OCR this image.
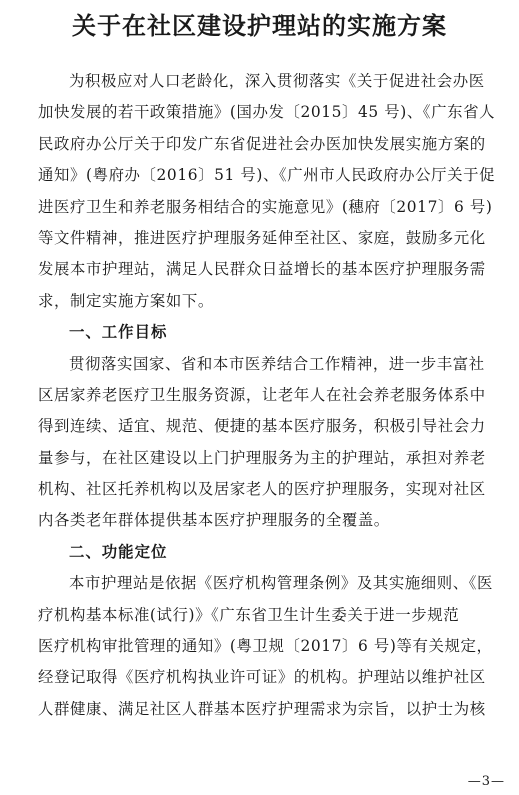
关于在社区建设护理站的实施方案
为积极应对人口老龄化，深入贯彻落实《关于促进社会办医
加快发展的若干政策措施》(国办发〔2015〕45 号)、《广东省人
民政府办公厅关于印发广东省促进社会办医加快发展实施方案的
通知》(粤府办〔2016〕51 号)、《广州市人民政府办公厅关于促
进医疗卫生和养老服务相结合的实施意见》(穗府〔2017〕6 号)
等文件精神，推进医疗护理服务延伸至社区、家庭，鼓励多元化
发展本市护理站，满足人民群众日益增长的基本医疗护理服务需
求，制定实施方案如下。
一、工作目标
贯彻落实国家、省和本市医养结合工作精神，进一步丰富社
区居家养老医疗卫生服务资源，让老年人在社会养老服务体系中
得到连续、适宜、规范、便捷的基本医疗服务，积极引导社会力
量参与，在社区建设以上门护理服务为主的护理站，承担对养老
机构、社区托养机构以及居家老人的医疗护理服务，实现对社区
内各类老年群体提供基本医疗护理服务的全覆盖。
二、功能定位
本市护理站是依据《医疗机构管理条例》及其实施细则、《医
疗机构基本标准(试行)》《广东省卫生计生委关于进一步规范
医疗机构审批管理的通知》(粤卫规〔2017〕6 号)等有关规定，
经登记取得《医疗机构执业许可证》的机构。护理站以维护社区
人群健康、满足社区人群基本医疗护理需求为宗旨，以护士为核
—3—
